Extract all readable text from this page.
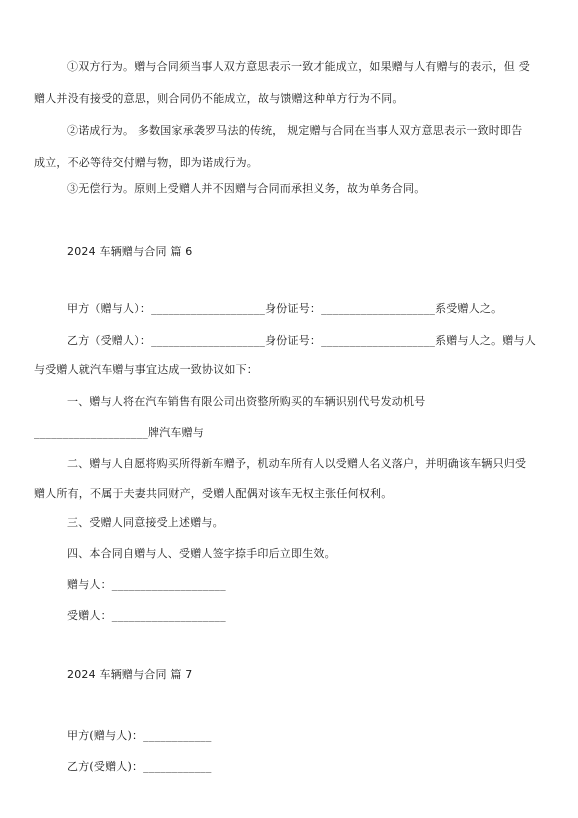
①双方行为。赠与合同须当事人双方意思表示一致才能成立，如果赠与人有赠与的表示，但 受
赠人并没有接受的意思，则合同仍不能成立，故与馈赠这种单方行为不同。
②诺成行为。 多数国家承袭罗马法的传统， 规定赠与合同在当事人双方意思表示一致时即告
成立，不必等待交付赠与物，即为诺成行为。
③无偿行为。原则上受赠人并不因赠与合同而承担义务，故为单务合同。
2024 车辆赠与合同 篇 6
甲方（赠与人）：____________________身份证号：____________________系受赠人之。
乙方（受赠人）：____________________身份证号：____________________系赠与人之。赠与人
与受赠人就汽车赠与事宜达成一致协议如下：
一、赠与人将在汽车销售有限公司出资整所购买的车辆识别代号发动机号
____________________牌汽车赠与
二、赠与人自愿将购买所得新车赠予，机动车所有人以受赠人名义落户，并明确该车辆只归受
赠人所有，不属于夫妻共同财产，受赠人配偶对该车无权主张任何权利。
三、受赠人同意接受上述赠与。
四、本合同自赠与人、受赠人签字捺手印后立即生效。
赠与人：____________________
受赠人：____________________
2024 车辆赠与合同 篇 7
甲方(赠与人)：____________
乙方(受赠人)：____________
